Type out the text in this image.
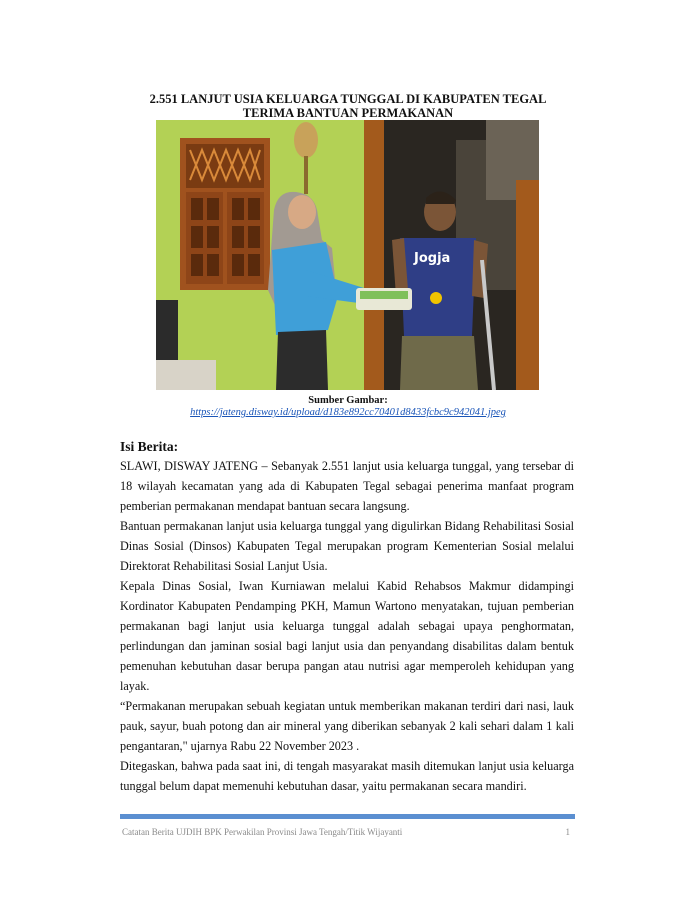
2.551 LANJUT USIA KELUARGA TUNGGAL DI KABUPATEN TEGAL
TERIMA BANTUAN PERMAKANAN
Jogja
Sumber Gambar:
https://jateng.disway.id/upload/d183e892cc70401d8433fcbc9c942041.jpeg
Isi Berita:

SLAWI, DISWAY JATENG – Sebanyak 2.551 lanjut usia keluarga tunggal, yang tersebar di 18 wilayah kecamatan yang ada di Kabupaten Tegal sebagai penerima manfaat program pemberian permakanan mendapat bantuan secara langsung.

Bantuan permakanan lanjut usia keluarga tunggal yang digulirkan Bidang Rehabilitasi Sosial Dinas Sosial (Dinsos) Kabupaten Tegal merupakan program Kementerian Sosial melalui Direktorat Rehabilitasi Sosial Lanjut Usia.

Kepala Dinas Sosial, Iwan Kurniawan melalui Kabid Rehabsos Makmur didampingi Kordinator Kabupaten Pendamping PKH, Mamun Wartono menyatakan, tujuan pemberian permakanan bagi lanjut usia keluarga tunggal adalah sebagai upaya penghormatan, perlindungan dan jaminan sosial bagi lanjut usia dan penyandang disabilitas dalam bentuk pemenuhan kebutuhan dasar berupa pangan atau nutrisi agar memperoleh kehidupan yang layak.

“Permakanan merupakan sebuah kegiatan untuk memberikan makanan terdiri dari nasi, lauk pauk, sayur, buah potong dan air mineral yang diberikan sebanyak 2 kali sehari dalam 1 kali pengantaran," ujarnya Rabu 22 November 2023 .

Ditegaskan, bahwa pada saat ini, di tengah masyarakat masih ditemukan lanjut usia keluarga tunggal belum dapat memenuhi kebutuhan dasar, yaitu permakanan secara mandiri.

Catatan Berita UJDIH BPK Perwakilan Provinsi Jawa Tengah/Titik Wijayanti	1
